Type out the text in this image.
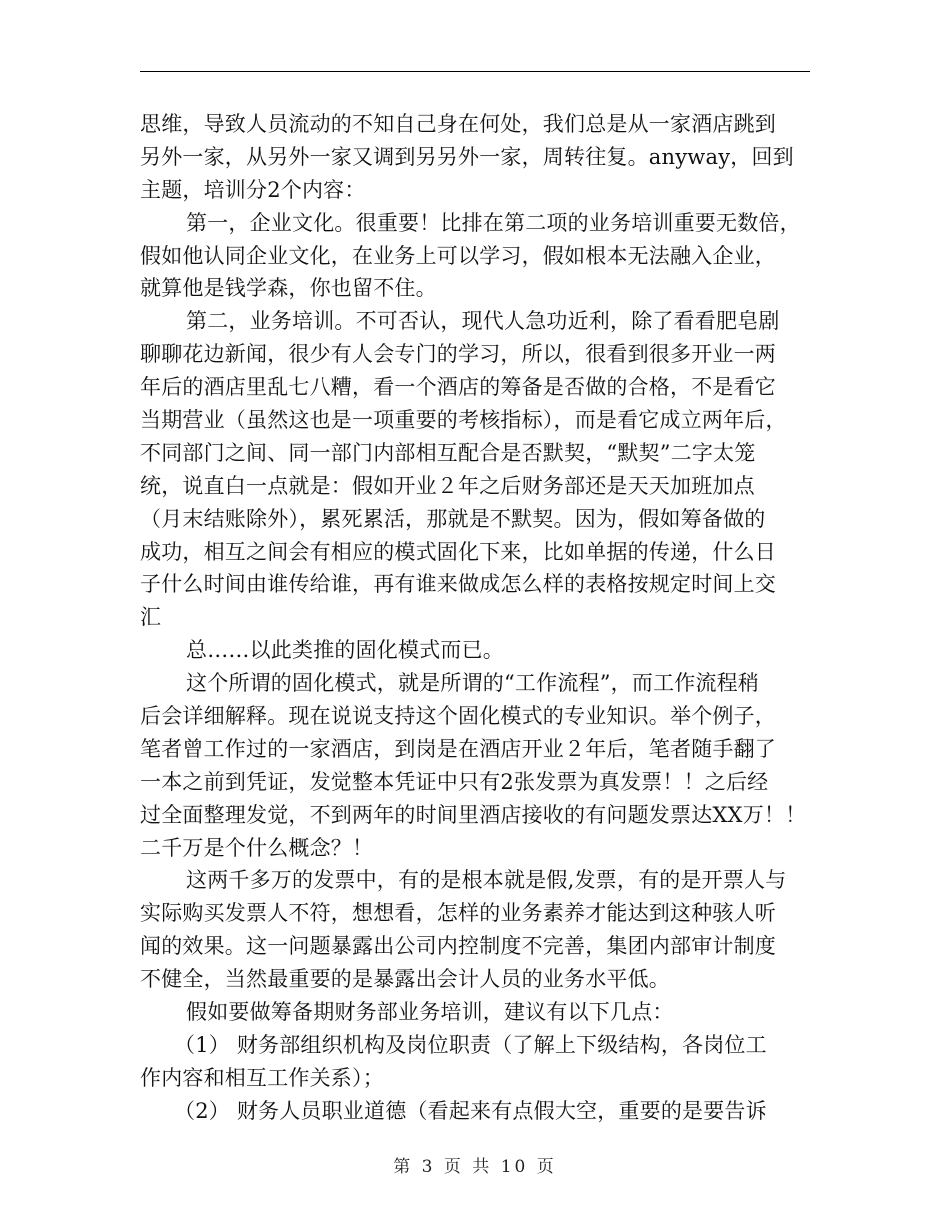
思维，导致人员流动的不知自己身在何处，我们总是从一家酒店跳到
另外一家，从另外一家又调到另另外一家，周转往复。anyway，回到
主题，培训分2个内容：
第一，企业文化。很重要！比排在第二项的业务培训重要无数倍，
假如他认同企业文化，在业务上可以学习，假如根本无法融入企业，
就算他是钱学森，你也留不住。
第二，业务培训。不可否认，现代人急功近利，除了看看肥皂剧
聊聊花边新闻，很少有人会专门的学习，所以，很看到很多开业一两
年后的酒店里乱七八糟，看一个酒店的筹备是否做的合格，不是看它
当期营业（虽然这也是一项重要的考核指标），而是看它成立两年后，
不同部门之间、同一部门内部相互配合是否默契，“默契”二字太笼
统，说直白一点就是：假如开业２年之后财务部还是天天加班加点
（月末结账除外），累死累活，那就是不默契。因为，假如筹备做的
成功，相互之间会有相应的模式固化下来，比如单据的传递，什么日
子什么时间由谁传给谁，再有谁来做成怎么样的表格按规定时间上交
汇
总……以此类推的固化模式而已。
这个所谓的固化模式，就是所谓的“工作流程”，而工作流程稍
后会详细解释。现在说说支持这个固化模式的专业知识。举个例子，
笔者曾工作过的一家酒店，到岗是在酒店开业２年后，笔者随手翻了
一本之前到凭证，发觉整本凭证中只有2张发票为真发票！！之后经
过全面整理发觉，不到两年的时间里酒店接收的有问题发票达XX万！！
二千万是个什么概念？！
这两千多万的发票中，有的是根本就是假,发票，有的是开票人与
实际购买发票人不符，想想看，怎样的业务素养才能达到这种骇人听
闻的效果。这一问题暴露出公司内控制度不完善，集团内部审计制度
不健全，当然最重要的是暴露出会计人员的业务水平低。
假如要做筹备期财务部业务培训，建议有以下几点：
（1） 财务部组织机构及岗位职责（了解上下级结构，各岗位工
作内容和相互工作关系）；
（2） 财务人员职业道德（看起来有点假大空，重要的是要告诉
第 3 页 共 10 页
